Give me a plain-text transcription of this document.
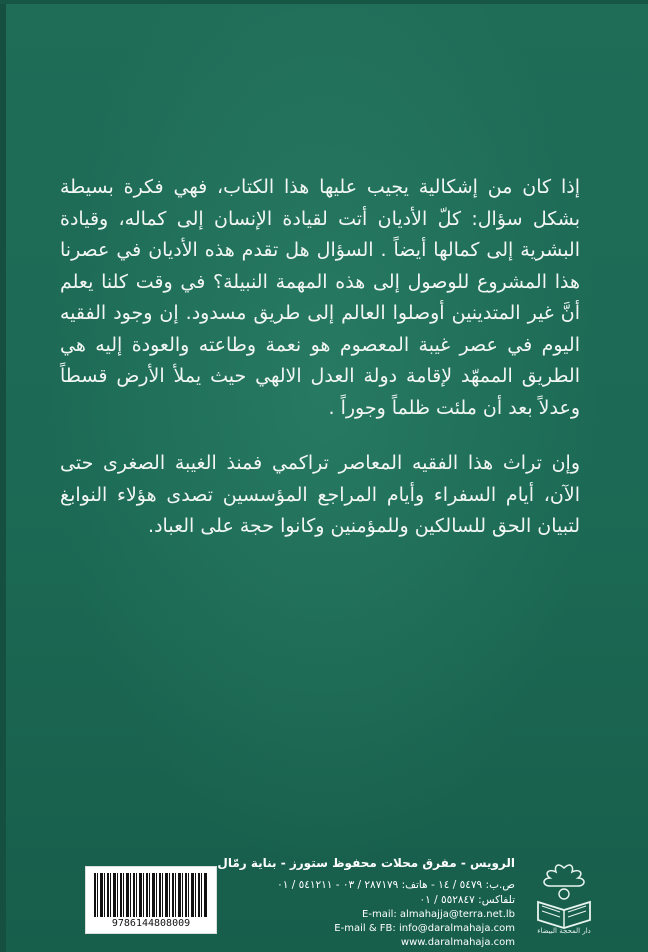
إذا كان من إشكالية يجيب عليها هذا الكتاب، فهي فكرة بسيطة بشكل سؤال: كلّ الأديان أتت لقيادة الإنسان إلى كماله، وقيادة البشرية إلى كمالها أيضاً . السؤال هل تقدم هذه الأديان في عصرنا هذا المشروع للوصول إلى هذه المهمة النبيلة؟ في وقت كلنا يعلم أنَّ غير المتدينين أوصلوا العالم إلى طريق مسدود. إن وجود الفقيه اليوم في عصر غيبة المعصوم هو نعمة وطاعته والعودة إليه هي الطريق الممهّد لإقامة دولة العدل الالهي حيث يملأ الأرض قسطاً وعدلاً بعد أن ملئت ظلماً وجوراً .

وإن تراث هذا الفقيه المعاصر تراكمي فمنذ الغيبة الصغرى حتى الآن، أيام السفراء وأيام المراجع المؤسسين تصدى هؤلاء النوابغ لتبيان الحق للسالكين وللمؤمنين وكانوا حجة على العباد.

الرويس - مفرق محلات محفوظ ستورز - بناية رمّال
ص.ب: ٥٤٧٩ / ١٤ - هاتف: ٢٨٧١٧٩ / ٠٣ - ٥٤١٢١١ / ٠١
تلفاكس: ٥٥٢٨٤٧ / ٠١
E-mail: almahajja@terra.net.lb
E-mail & FB: info@daralmahaja.com
www.daralmahaja.com
9786144808009
دار المحجة البيضاء
